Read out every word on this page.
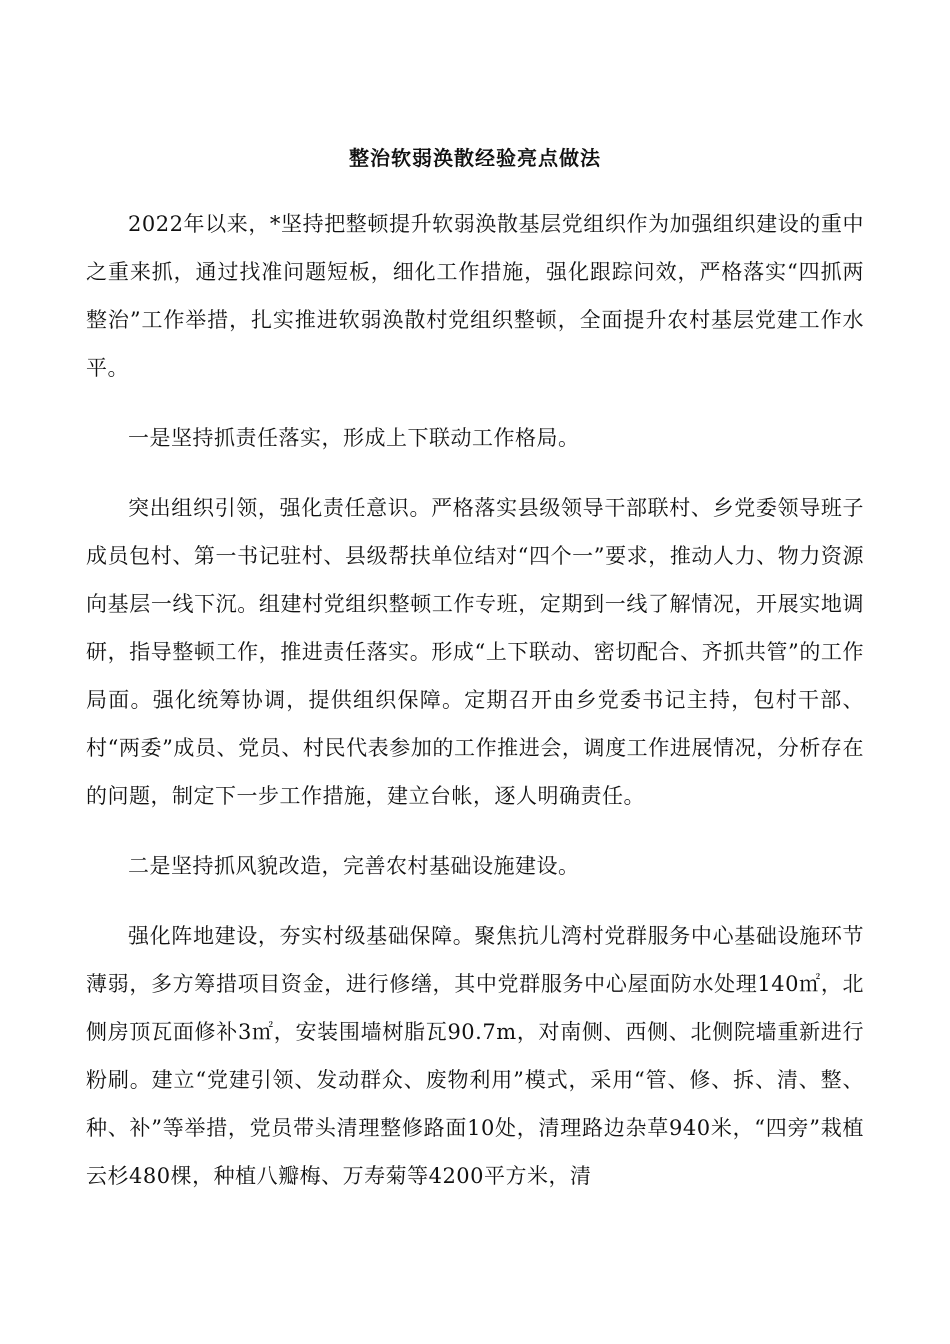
整治软弱涣散经验亮点做法

2022年以来，*坚持把整顿提升软弱涣散基层党组织作为加强组织建设的重中之重来抓，通过找准问题短板，细化工作措施，强化跟踪问效，严格落实“四抓两整治”工作举措，扎实推进软弱涣散村党组织整顿，全面提升农村基层党建工作水平。

一是坚持抓责任落实，形成上下联动工作格局。

突出组织引领，强化责任意识。严格落实县级领导干部联村、乡党委领导班子成员包村、第一书记驻村、县级帮扶单位结对“四个一”要求，推动人力、物力资源向基层一线下沉。组建村党组织整顿工作专班，定期到一线了解情况，开展实地调研，指导整顿工作，推进责任落实。形成“上下联动、密切配合、齐抓共管”的工作局面。强化统筹协调，提供组织保障。定期召开由乡党委书记主持，包村干部、村“两委”成员、党员、村民代表参加的工作推进会，调度工作进展情况，分析存在的问题，制定下一步工作措施，建立台帐，逐人明确责任。

二是坚持抓风貌改造，完善农村基础设施建设。

强化阵地建设，夯实村级基础保障。聚焦抗儿湾村党群服务中心基础设施环节薄弱，多方筹措项目资金，进行修缮，其中党群服务中心屋面防水处理140㎡，北侧房顶瓦面修补3㎡，安装围墙树脂瓦90.7m，对南侧、西侧、北侧院墙重新进行粉刷。建立“党建引领、发动群众、废物利用”模式，采用“管、修、拆、清、整、种、补”等举措，党员带头清理整修路面10处，清理路边杂草940米，“四旁”栽植云杉480棵，种植八瓣梅、万寿菊等4200平方米，清
